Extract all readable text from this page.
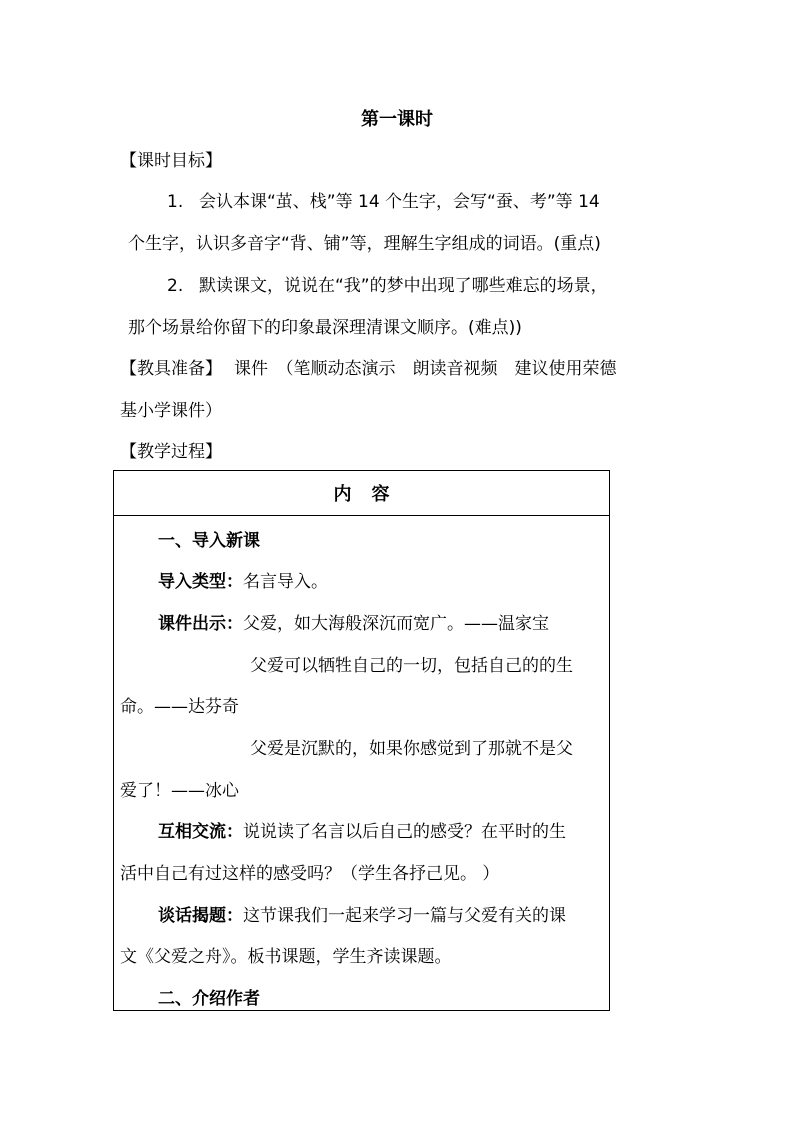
第一课时
【课时目标】
1. 会认本课“茧、栈”等 14 个生字，会写“蚕、考”等 14
个生字，认识多音字“背、铺”等，理解生字组成的词语。(重点)
2. 默读课文，说说在“我”的梦中出现了哪些难忘的场景，
那个场景给你留下的印象最深理清课文顺序。(难点))
【教具准备】 课件　（笔顺动态演示　朗读音视频　建议使用荣德
基小学课件）
【教学过程】
内容
一、导入新课
导入类型：名言导入。
课件出示：父爱，如大海般深沉而宽广。——温家宝
父爱可以牺牲自己的一切，包括自己的的生
命。——达芬奇
父爱是沉默的，如果你感觉到了那就不是父
爱了！——冰心
互相交流：说说读了名言以后自己的感受？在平时的生
活中自己有过这样的感受吗？（学生各抒己见。 ）
谈话揭题：这节课我们一起来学习一篇与父爱有关的课
文《父爱之舟》。板书课题，学生齐读课题。
二、介绍作者
